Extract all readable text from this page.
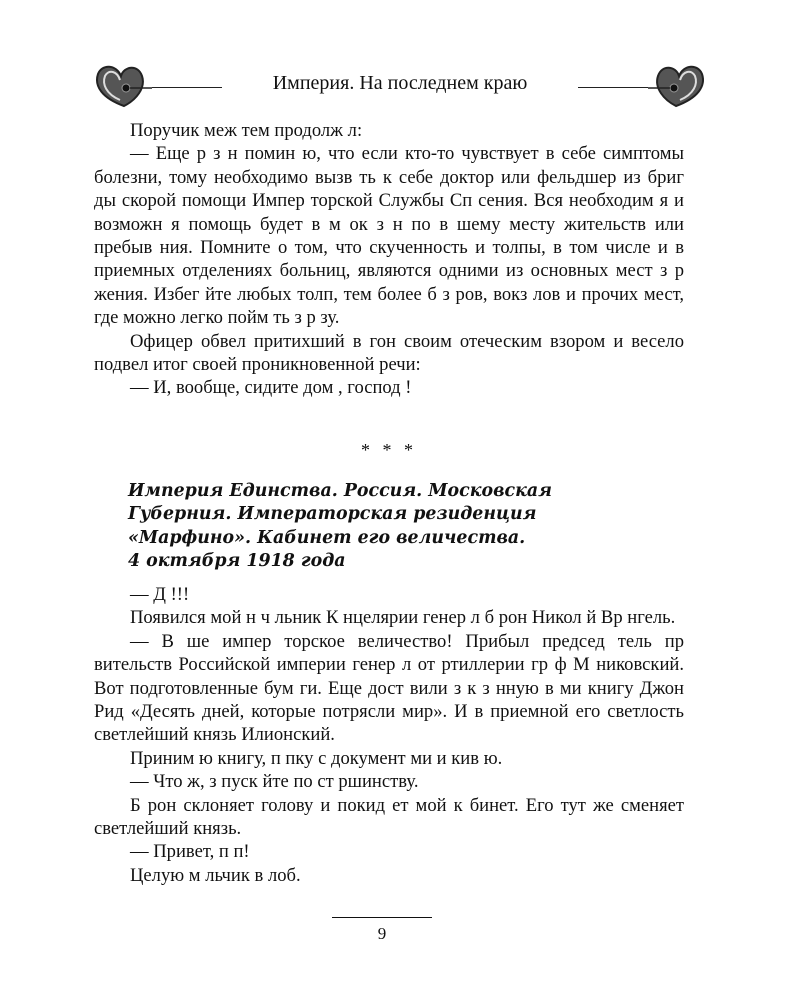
Империя. На последнем краю

Поручик меж тем продолж л:

— Еще р з н помин ю, что если кто-то чувствует в себе симптомы болезни, тому необходимо вызв ть к себе доктор или фельдшер из бриг ды скорой помощи Импер торской Службы Сп сения. Вся необходим я и возможн я помощь будет в м ок з н по в шему месту жительств или пребыв ния. Помните о том, что скученность и толпы, в том числе и в приемных отделениях больниц, являются одними из основных мест з р жения. Избег йте любых толп, тем более б з ров, вокз лов и прочих мест, где можно легко пойм ть з р зу.

Офицер обвел притихший в гон своим отеческим взором и весело подвел итог своей проникновенной речи:

— И, вообще, сидите дом , господ !

* * *
Империя Единства. Россия. Московская
Губерния. Императорская резиденция
«Марфино». Кабинет его величества.
4 октября 1918 года

— Д !!!

Появился мой н ч льник К нцелярии генер л б рон Никол й Вр нгель.

— В ше импер торское величество! Прибыл председ тель пр вительств Российской империи генер л от ртиллерии гр ф М никовский. Вот подготовленные бум ги. Еще дост вили з к з нную в ми книгу Джон Рид «Десять дней, которые потрясли мир». И в приемной его светлость светлейший князь Илионский.

Приним ю книгу, п пку с документ ми и кив ю.

— Что ж, з пуск йте по ст ршинству.

Б рон склоняет голову и покид ет мой к бинет. Его тут же сменяет светлейший князь.

— Привет, п п!

Целую м льчик в лоб.

9
